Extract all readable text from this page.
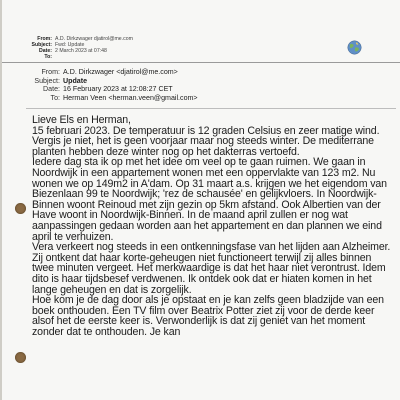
From: A.D. Dirkzwager djatirol@me.com
Subject: Fwd: Update
Date: 2 March 2023 at 07:48
To:
From: A.D. Dirkzwager <djatirol@me.com>
Subject: Update
Date: 16 February 2023 at 12:08:27 CET
To: Herman Veen <herman.veen@gmail.com>

Lieve Els en Herman,

15 februari 2023. De temperatuur is 12 graden Celsius en zeer matige wind. Vergis je niet, het is geen voorjaar maar nog steeds winter. De mediterrane planten hebben deze winter nog op het dakterras vertoefd.

Iedere dag sta ik op met het idee om veel op te gaan ruimen. We gaan in Noordwijk in een appartement wonen met een oppervlakte van 123 m2. Nu wonen we op 149m2 in A'dam. Op 31 maart a.s. krijgen we het eigendom van Biezenlaan 99 te Noordwijk; 'rez de schausée' en gelijkvloers. In Noordwijk-Binnen woont Reinoud met zijn gezin op 5km afstand. Ook Albertien van der Have woont in Noordwijk-Binnen. In de maand april zullen er nog wat aanpassingen gedaan worden aan het appartement en dan plannen we eind april te verhuizen.

Vera verkeert nog steeds in een ontkenningsfase van het lijden aan Alzheimer. Zij ontkent dat haar korte-geheugen niet functioneert terwijl zij alles binnen twee minuten vergeet. Het merkwaardige is dat het haar niet verontrust. Idem dito is haar tijdsbesef verdwenen. Ik ontdek ook dat er hiaten komen in het lange geheugen en dat is zorgelijk.

Hoe kom je de dag door als je opstaat en je kan zelfs geen bladzijde van een boek onthouden. Een TV film over Beatrix Potter ziet zij voor de derde keer alsof het de eerste keer is. Verwonderlijk is dat zij geniet van het moment zonder dat te onthouden. Je kan
